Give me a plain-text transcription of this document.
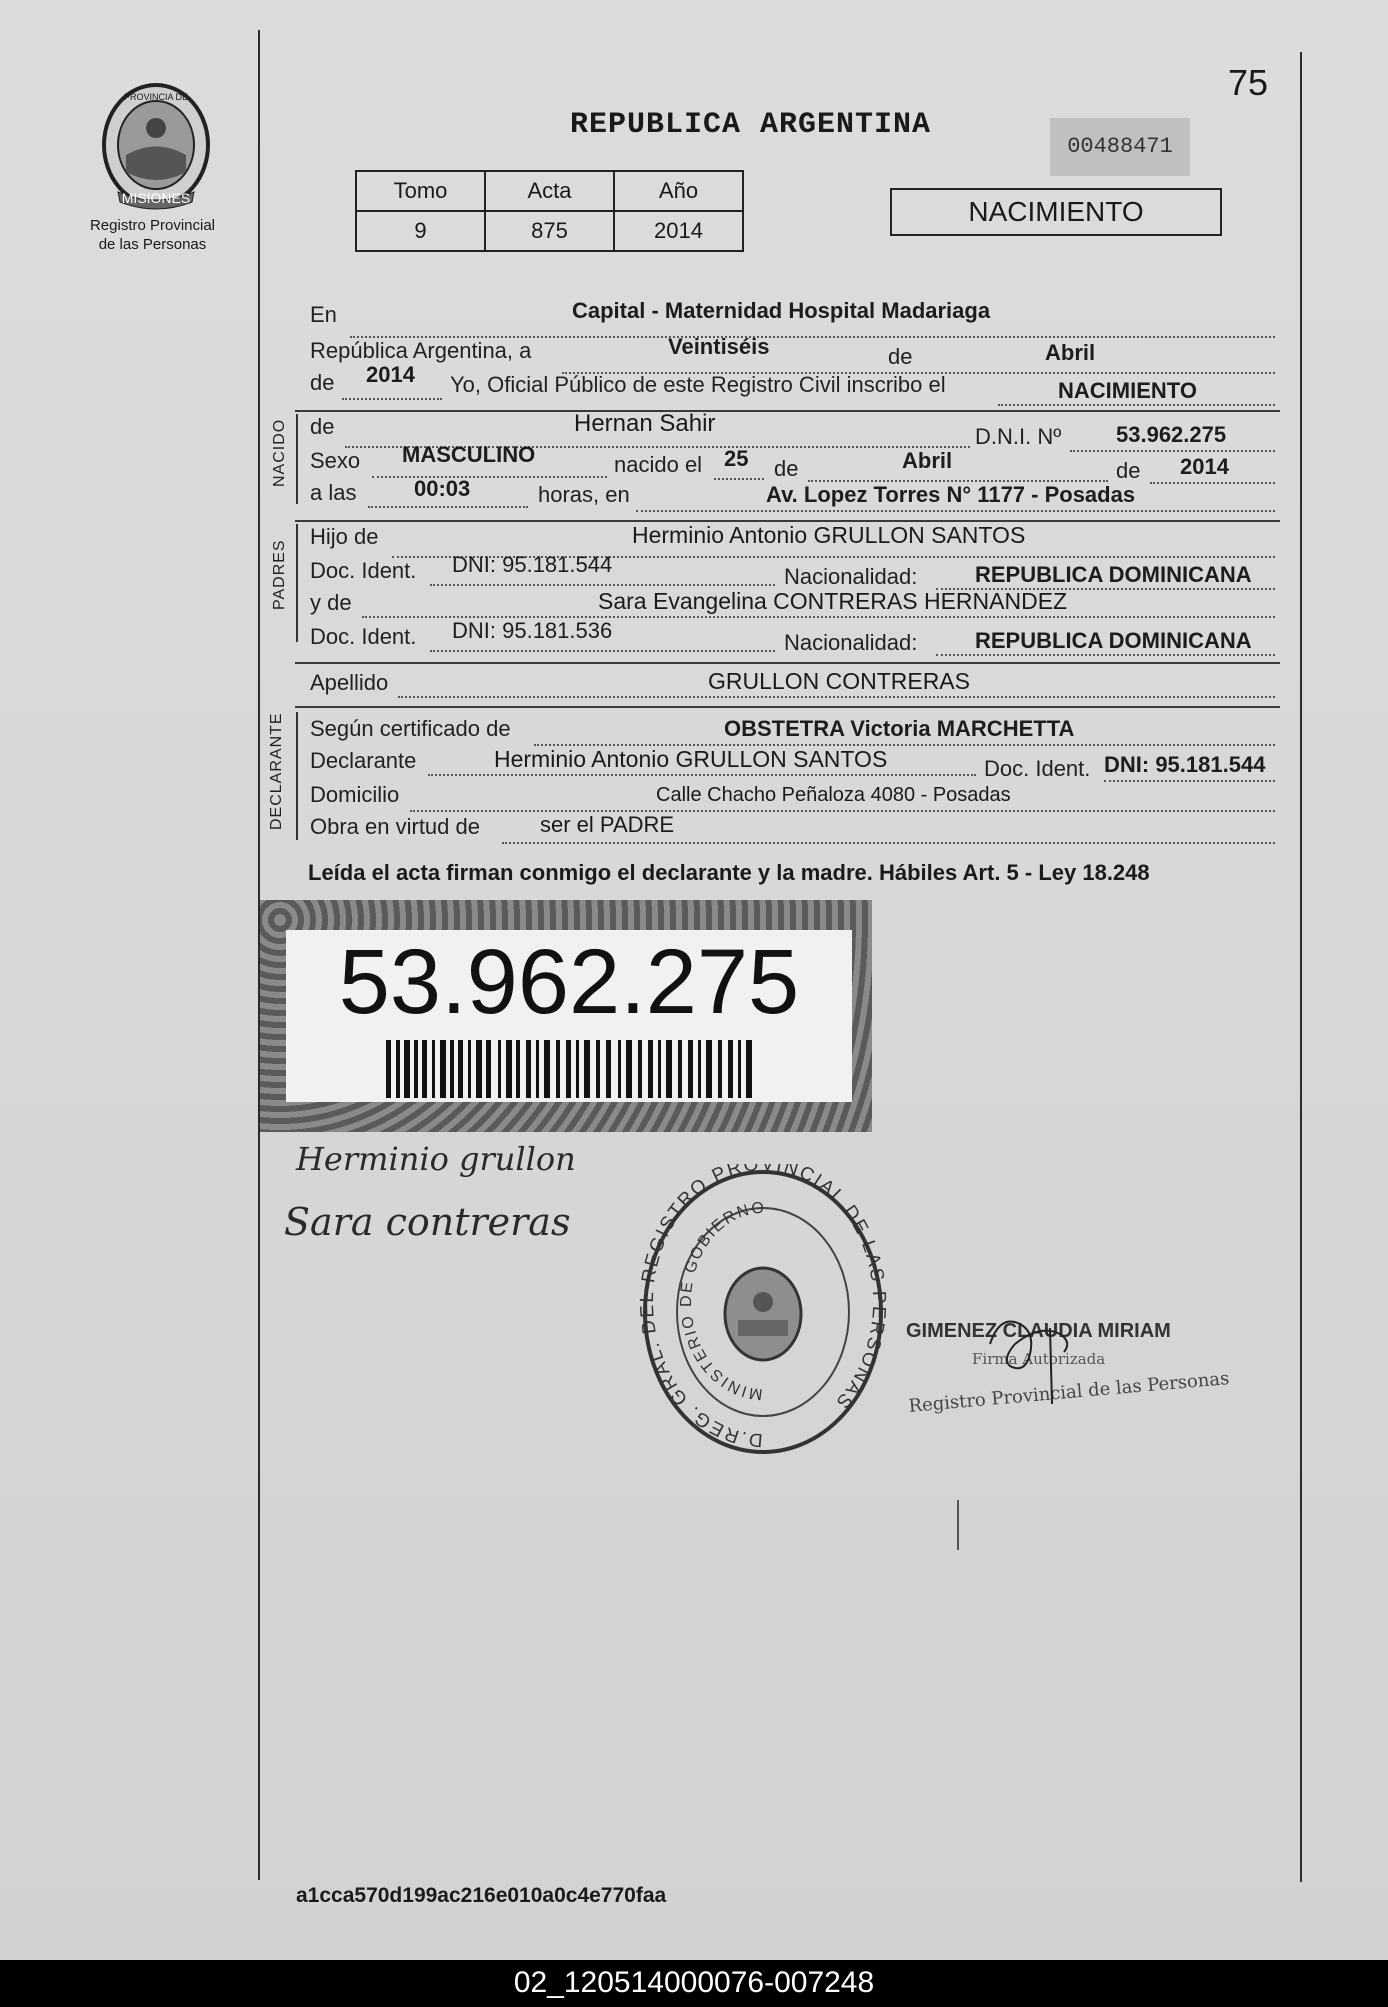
75
PROVINCIA DE
MISIONES
Registro Provincial
de las Personas
REPUBLICA ARGENTINA
00488471
Tomo	Acta	Año
9	875	2014
NACIMIENTO
En	Capital - Maternidad Hospital Madariaga
República Argentina, a	Veintiséis	de	Abril
de 2014 Yo, Oficial Público de este Registro Civil inscribo el	NACIMIENTO
NACIDO de	Hernan Sahir	D.N.I. Nº 53.962.275
Sexo MASCULINO	nacido el 25 de	Abril	de 2014
a las	00:03	horas, en	Av. Lopez Torres N° 1177 - Posadas
PADRES
Hijo de	Herminio Antonio GRULLON SANTOS
Doc. Ident. DNI: 95.181.544	Nacionalidad:	REPUBLICA DOMINICANA
y de	Sara Evangelina CONTRERAS HERNANDEZ
Doc. Ident. DNI: 95.181.536	Nacionalidad:	REPUBLICA DOMINICANA
Apellido	GRULLON CONTRERAS
DECLARANTE Según certificado de	OBSTETRA Victoria MARCHETTA
Declarante	Herminio Antonio GRULLON SANTOS	Doc. Ident. DNI: 95.181.544
Domicilio	Calle Chacho Peñaloza 4080 - Posadas
Obra en virtud de	ser el PADRE
Leída el acta firman conmigo el declarante y la madre. Hábiles Art. 5 - Ley 18.248
53.962.275
Herminio grullon
Sara contreras
D.REG. GRAL. DEL REGISTRO PROVINCIAL DE LAS PERSONAS
MINISTERIO DE GOBIERNO
GIMENEZ CLAUDIA MIRIAM
Firma Autorizada
Registro Provincial de las Personas
a1cca570d199ac216e010a0c4e770faa
02_120514000076-007248
